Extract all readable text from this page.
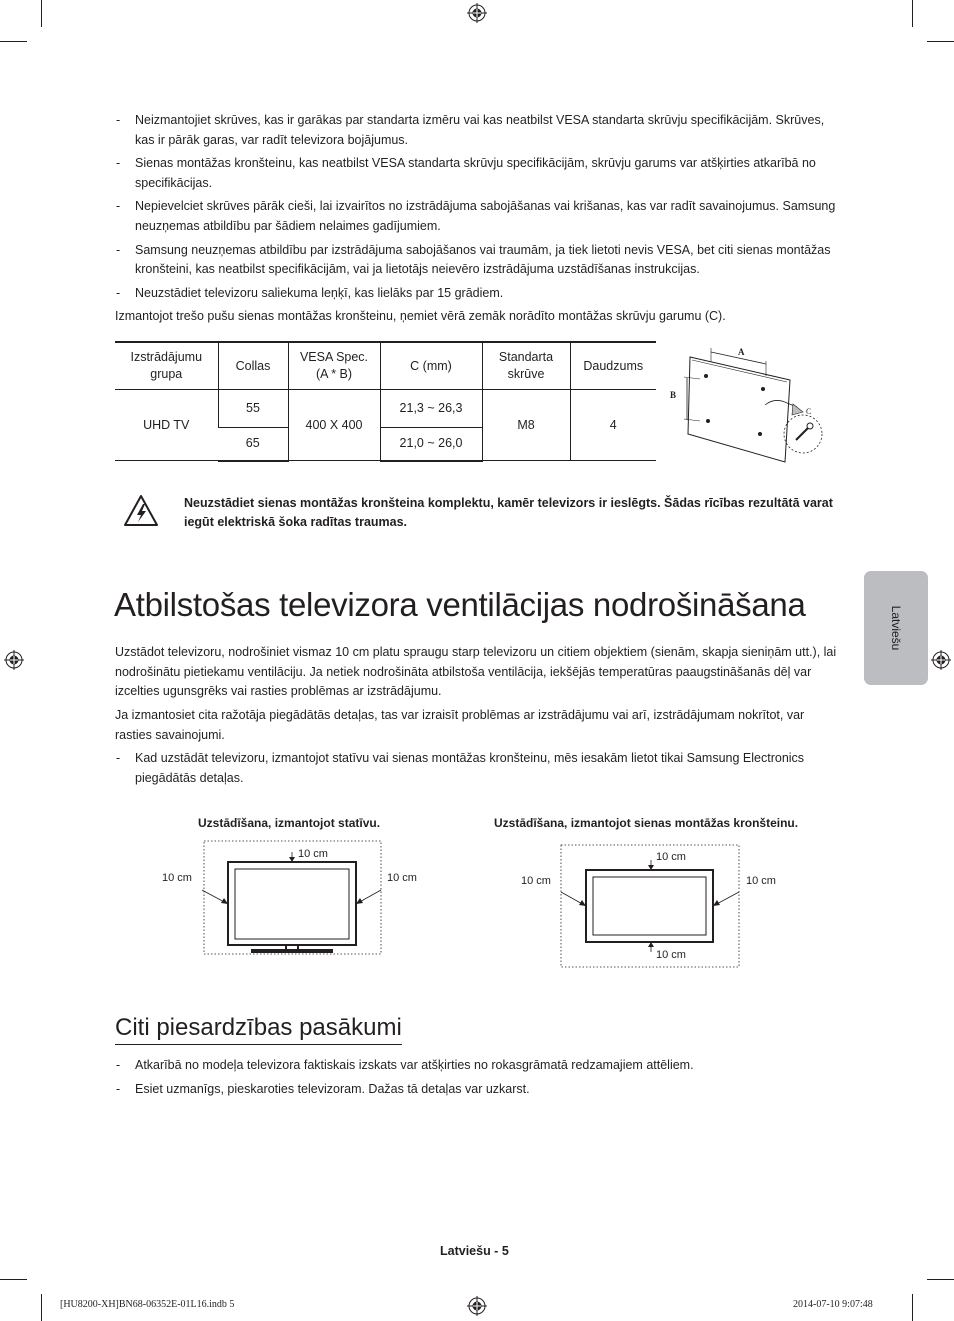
- Neizmantojiet skrūves, kas ir garākas par standarta izmēru vai kas neatbilst VESA standarta skrūvju specifikācijām. Skrūves, kas ir pārāk garas, var radīt televizora bojājumus.
- Sienas montāžas kronšteinu, kas neatbilst VESA standarta skrūvju specifikācijām, skrūvju garums var atšķirties atkarībā no specifikācijas.
- Nepievelciet skrūves pārāk cieši, lai izvairītos no izstrādājuma sabojāšanas vai krišanas, kas var radīt savainojumus. Samsung neuzņemas atbildību par šādiem nelaimes gadījumiem.
- Samsung neuzņemas atbildību par izstrādājuma sabojāšanos vai traumām, ja tiek lietoti nevis VESA, bet citi sienas montāžas kronšteini, kas neatbilst specifikācijām, vai ja lietotājs neievēro izstrādājuma uzstādīšanas instrukcijas.
- Neuzstādiet televizoru saliekuma leņķī, kas lielāks par 15 grādiem.
Izmantojot trešo pušu sienas montāžas kronšteinu, ņemiet vērā zemāk norādīto montāžas skrūvju garumu (C).
Izstrādājumu grupa	Collas	VESA Spec. (A * B)	C (mm)	Standarta skrūve	Daudzums
UHD TV	55	400 X 400	21,3 ~ 26,3	M8	4
	65		21,0 ~ 26,0		
A
B
C
Neuzstādiet sienas montāžas kronšteina komplektu, kamēr televizors ir ieslēgts. Šādas rīcības rezultātā varat iegūt elektriskā šoka radītas traumas.
Latviešu
Atbilstošas televizora ventilācijas nodrošināšana
Uzstādot televizoru, nodrošiniet vismaz 10 cm platu spraugu starp televizoru un citiem objektiem (sienām, skapja sieniņām utt.), lai nodrošinātu pietiekamu ventilāciju. Ja netiek nodrošināta atbilstoša ventilācija, iekšējās temperatūras paaugstināšanās dēļ var izcelties ugunsgrēks vai rasties problēmas ar izstrādājumu.
Ja izmantosiet cita ražotāja piegādātās detaļas, tas var izraisīt problēmas ar izstrādājumu vai arī, izstrādājumam nokrītot, var rasties savainojumi.
- Kad uzstādāt televizoru, izmantojot statīvu vai sienas montāžas kronšteinu, mēs iesakām lietot tikai Samsung Electronics piegādātās detaļas.
Uzstādīšana, izmantojot statīvu.	Uzstādīšana, izmantojot sienas montāžas kronšteinu.
10 cm
10 cm	10 cm
10 cm
10 cm
10 cm	10 cm
Citi piesardzības pasākumi
- Atkarībā no modeļa televizora faktiskais izskats var atšķirties no rokasgrāmatā redzamajiem attēliem.
- Esiet uzmanīgs, pieskaroties televizoram. Dažas tā detaļas var uzkarst.
Latviešu - 5
[HU8200-XH]BN68-06352E-01L16.indb 5	2014-07-10 9:07:48
